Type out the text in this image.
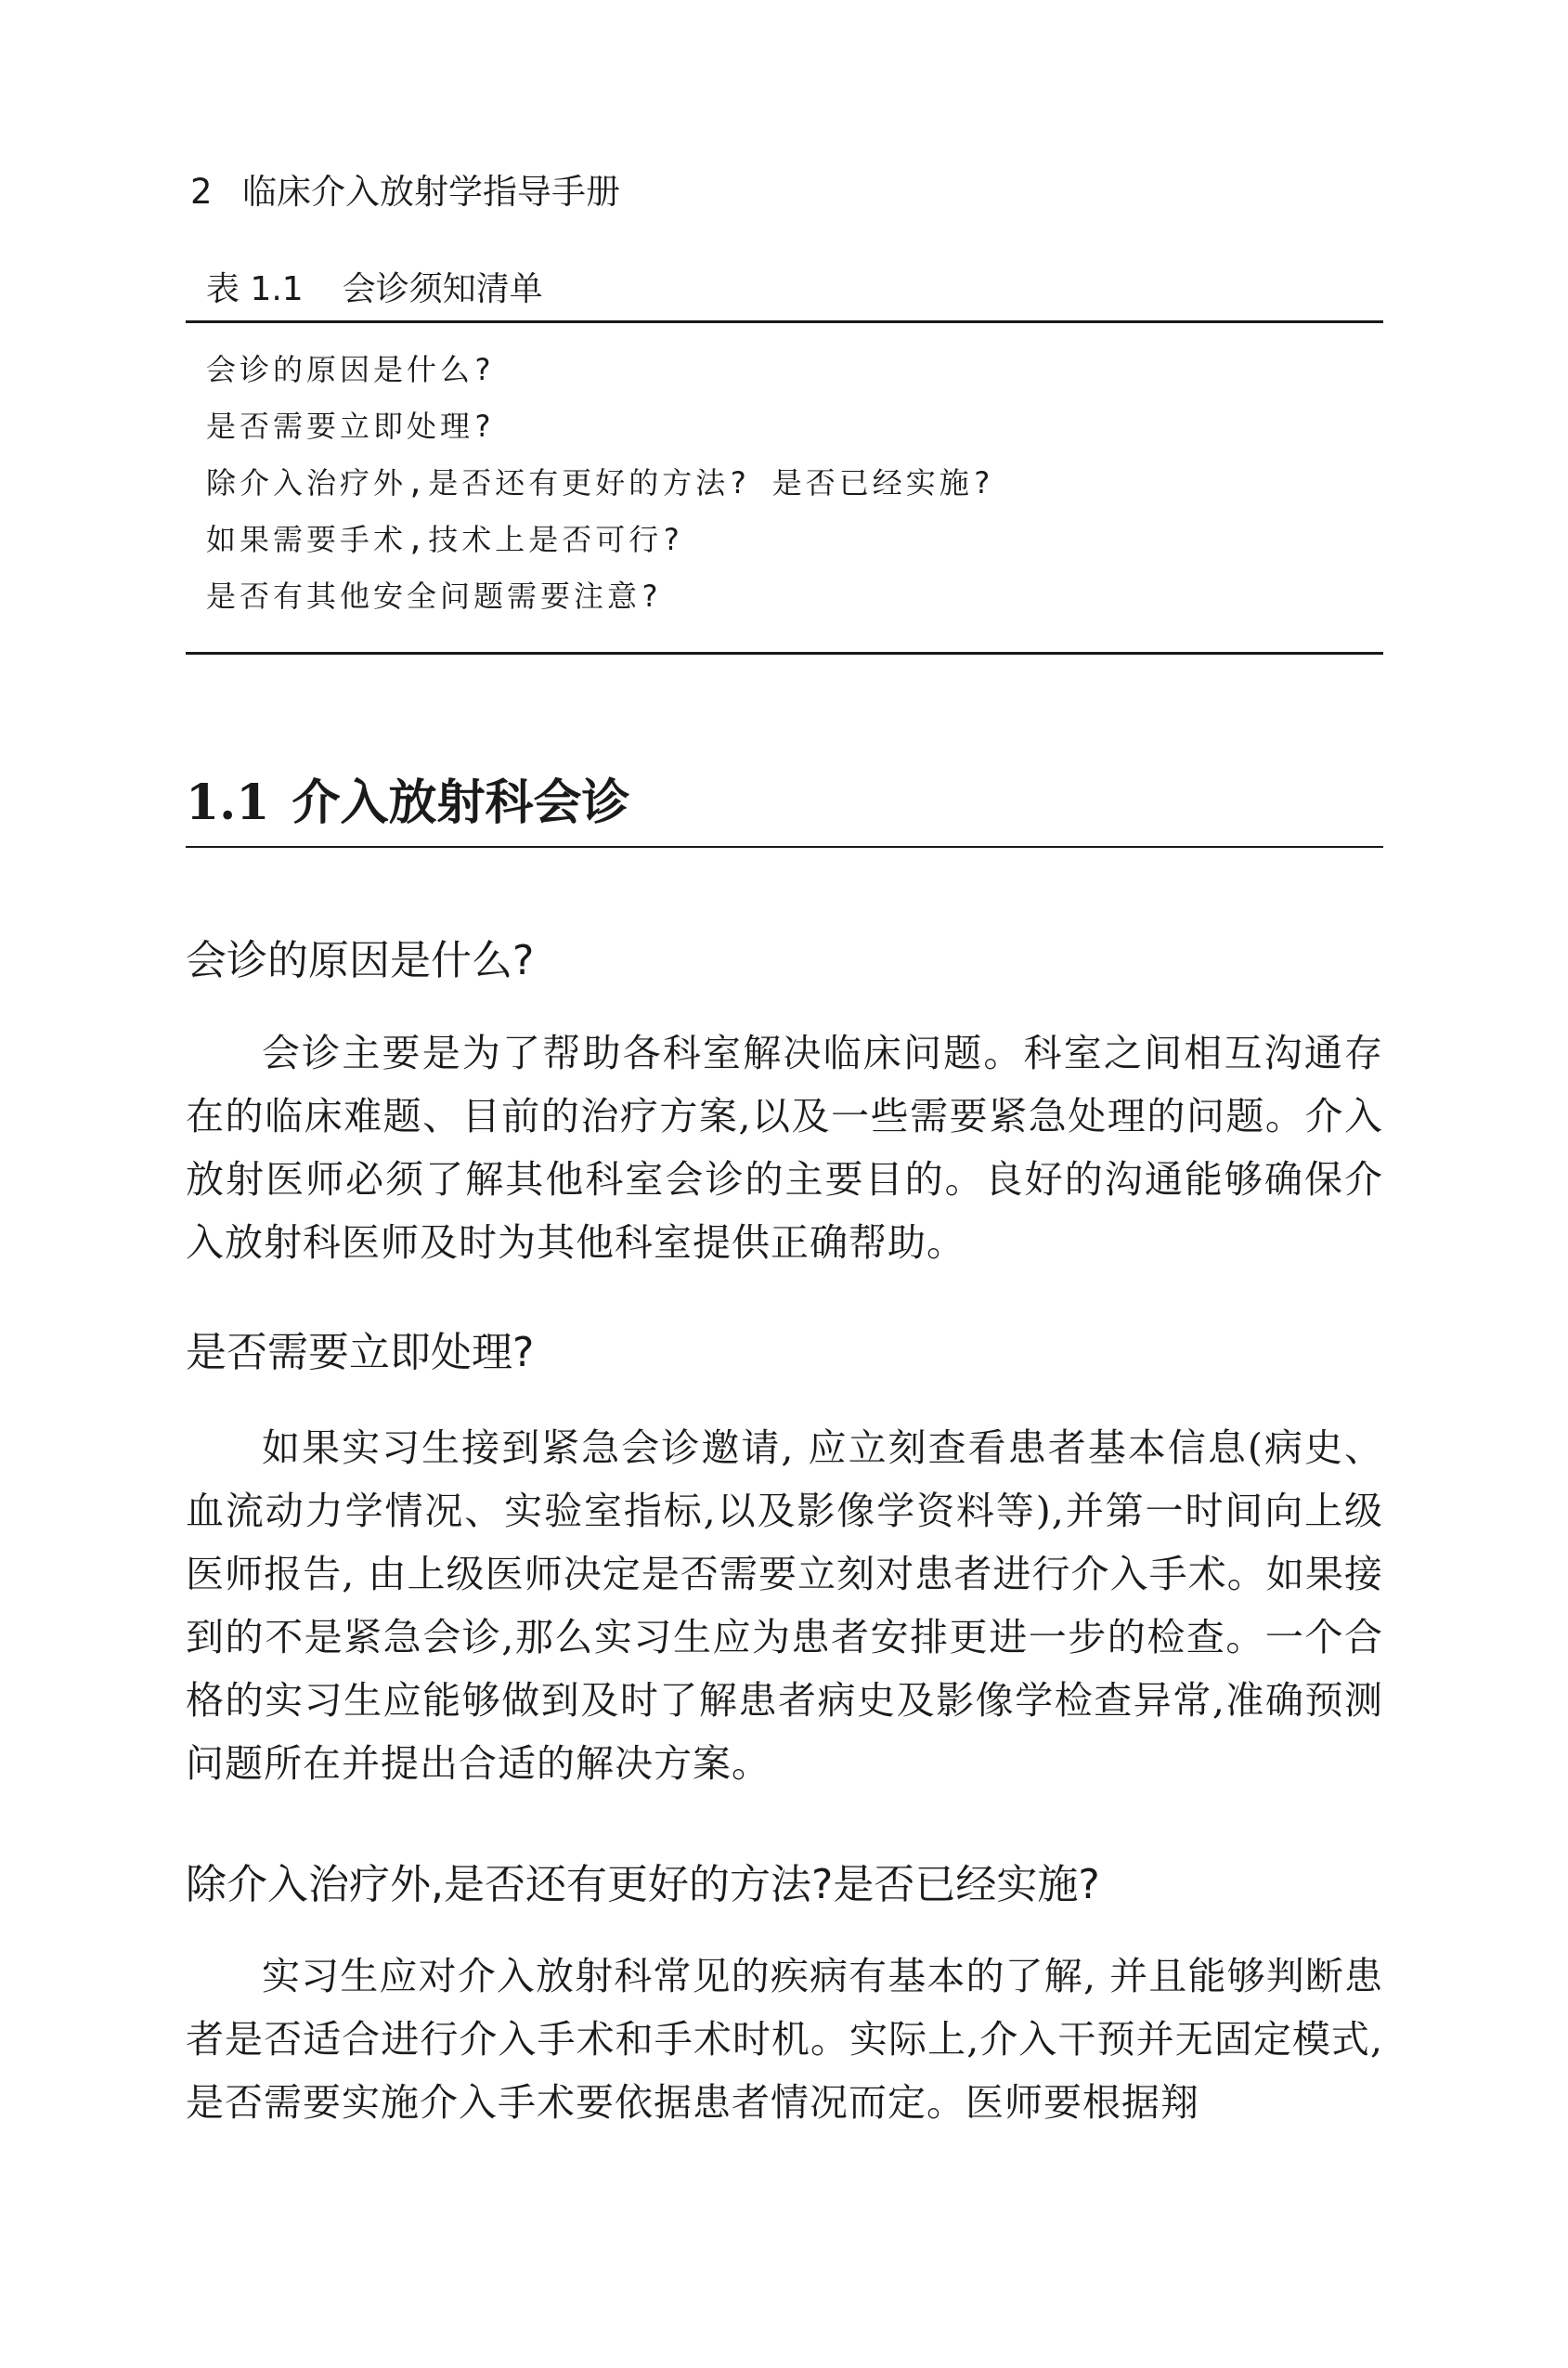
2 临床介入放射学指导手册
表 1.1 会诊须知清单
会诊的原因是什么?
是否需要立即处理?
除介入治疗外,是否还有更好的方法? 是否已经实施?
如果需要手术,技术上是否可行?
是否有其他安全问题需要注意?
1.1 介入放射科会诊
会诊的原因是什么?

会诊主要是为了帮助各科室解决临床问题。科室之间相互沟通存在的临床难题、目前的治疗方案,以及一些需要紧急处理的问题。介入放射医师必须了解其他科室会诊的主要目的。良好的沟通能够确保介入放射科医师及时为其他科室提供正确帮助。

是否需要立即处理?

如果实习生接到紧急会诊邀请, 应立刻查看患者基本信息(病史、血流动力学情况、实验室指标,以及影像学资料等),并第一时间向上级医师报告, 由上级医师决定是否需要立刻对患者进行介入手术。如果接到的不是紧急会诊,那么实习生应为患者安排更进一步的检查。一个合格的实习生应能够做到及时了解患者病史及影像学检查异常,准确预测问题所在并提出合适的解决方案。

除介入治疗外,是否还有更好的方法?是否已经实施?

实习生应对介入放射科常见的疾病有基本的了解, 并且能够判断患者是否适合进行介入手术和手术时机。实际上,介入干预并无固定模式,是否需要实施介入手术要依据患者情况而定。医师要根据翔
